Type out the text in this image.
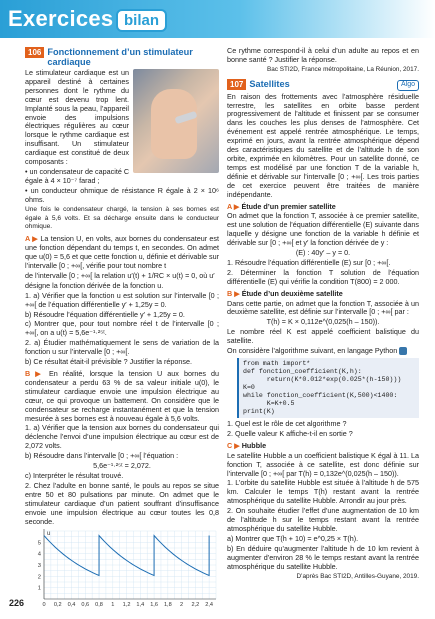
Exercices bilan
106 Fonctionnement d’un stimulateur cardiaque

Le stimulateur cardiaque est un appareil destiné à certaines personnes dont le rythme du cœur est devenu trop lent. Implanté sous la peau, l’appareil envoie des impulsions électriques régulières au cœur lorsque le rythme cardiaque est insuffisant. Un stimulateur cardiaque est constitué de deux composants :

• un condensateur de capacité C égale à 4 × 10⁻⁷ farad ;

• un conducteur ohmique de résistance R égale à 2 × 10⁶ ohms.

Une fois le condensateur chargé, la tension à ses bornes est égale à 5,6 volts. Et sa décharge ensuite dans le conducteur ohmique.

A ▶ La tension U, en volts, aux bornes du condensateur est une fonction dépendant du temps t, en secondes. On admet que u(0) = 5,6 et que cette fonction u, définie et dérivable sur l’intervalle [0 ; +∞[, vérifie pour tout nombre t

de l’intervalle [0 ; +∞[ la relation u′(t) + 1/RC × u(t) = 0, où u′

désigne la fonction dérivée de la fonction u.

1. a) Vérifier que la fonction u est solution sur l’intervalle [0 ; +∞[ de l’équation différentielle y′ + 1,25y = 0.

b) Résoudre l’équation différentielle y′ + 1,25y = 0.

c) Montrer que, pour tout nombre réel t de l’intervalle [0 ; +∞[, on a u(t) = 5,6e⁻¹·²⁵ᵗ.

2. a) Étudier mathématiquement le sens de variation de la fonction u sur l’intervalle [0 ; +∞[.

b) Ce résultat était-il prévisible ? Justifier la réponse.

B ▶ En réalité, lorsque la tension U aux bornes du condensateur a perdu 63 % de sa valeur initiale u(0), le stimulateur cardiaque envoie une impulsion électrique au cœur, ce qui provoque un battement. On considère que le condensateur se recharge instantanément et que la tension mesurée à ses bornes est à nouveau égale à 5,6 volts.

1. a) Vérifier que la tension aux bornes du condensateur qui déclenche l’envoi d’une impulsion électrique au cœur est de 2,072 volts.

b) Résoudre dans l’intervalle [0 ; +∞[ l’équation :

5,6e⁻¹·²⁵ᵗ = 2,072.

c) Interpréter le résultat trouvé.

2. Chez l’adulte en bonne santé, le pouls au repos se situe entre 50 et 80 pulsations par minute. On admet que le stimulateur cardiaque d’un patient souffrant d’insuffisance envoie une impulsion électrique au cœur toutes les 0,8 seconde.

u
1
2
3
4
5
0 0,2 0,4 0,6 0,8 1 1,2 1,4 1,6 1,8 2 2,2 2,4
226

Ce rythme correspond-il à celui d’un adulte au repos et en bonne santé ? Justifier la réponse.

Bac STI2D, France métropolitaine, La Réunion, 2017.

107 Satellites	Algo

En raison des frottements avec l’atmosphère résiduelle terrestre, les satellites en orbite basse perdent progressivement de l’altitude et finissent par se consumer dans les couches les plus denses de l’atmosphère. Cet événement est appelé rentrée atmosphérique. Le temps, exprimé en jours, avant la rentrée atmosphérique dépend des caractéristiques du satellite et de l’altitude h de son orbite, exprimée en kilomètres. Pour un satellite donné, ce temps est modélisé par une fonction T de la variable h, définie et dérivable sur l’intervalle [0 ; +∞[. Les trois parties de cet exercice peuvent être traitées de manière indépendante.

A ▶ Étude d’un premier satellite

On admet que la fonction T, associée à ce premier satellite, est une solution de l’équation différentielle (E) suivante dans laquelle y désigne une fonction de la variable h définie et dérivable sur [0 ; +∞[ et y′ la fonction dérivée de y :

(E) : 40y′ – y = 0.

1. Résoudre l’équation différentielle (E) sur [0 ; +∞[.

2. Déterminer la fonction T solution de l’équation différentielle (E) qui vérifie la condition T(800) = 2 000.

B ▶ Étude d’un deuxième satellite

Dans cette partie, on admet que la fonction T, associée à un deuxième satellite, est définie sur l’intervalle [0 ; +∞[ par :

T(h) = K × 0,112e^(0,025(h – 150)).

Le nombre réel K est appelé coefficient balistique du satellite.

On considère l’algorithme suivant, en langage Python

from math import*
def fonction_coefficient(K,h):
return(K*0.012*exp(0.025*(h-150)))
K=0
while fonction_coefficient(K,500)<1400:
K=K+0.5
print(K)

1. Quel est le rôle de cet algorithme ?

2. Quelle valeur K affiche-t-il en sortie ?

C ▶ Hubble

Le satellite Hubble a un coefficient balistique K égal à 11. La fonction T, associée à ce satellite, est donc définie sur l’intervalle [0 ; +∞[ par T(h) = 0,132e^(0,025(h – 150)).

1. L’orbite du satellite Hubble est située à l’altitude h de 575 km. Calculer le temps T(h) restant avant la rentrée atmosphérique du satellite Hubble. Arrondir au jour près.

2. On souhaite étudier l’effet d’une augmentation de 10 km de l’altitude h sur le temps restant avant la rentrée atmosphérique du satellite Hubble.

a) Montrer que T(h + 10) = e^0,25 × T(h).

b) En déduire qu’augmenter l’altitude h de 10 km revient à augmenter d’environ 28 % le temps restant avant la rentrée atmosphérique du satellite Hubble.

D’après Bac STI2D, Antilles-Guyane, 2019.
